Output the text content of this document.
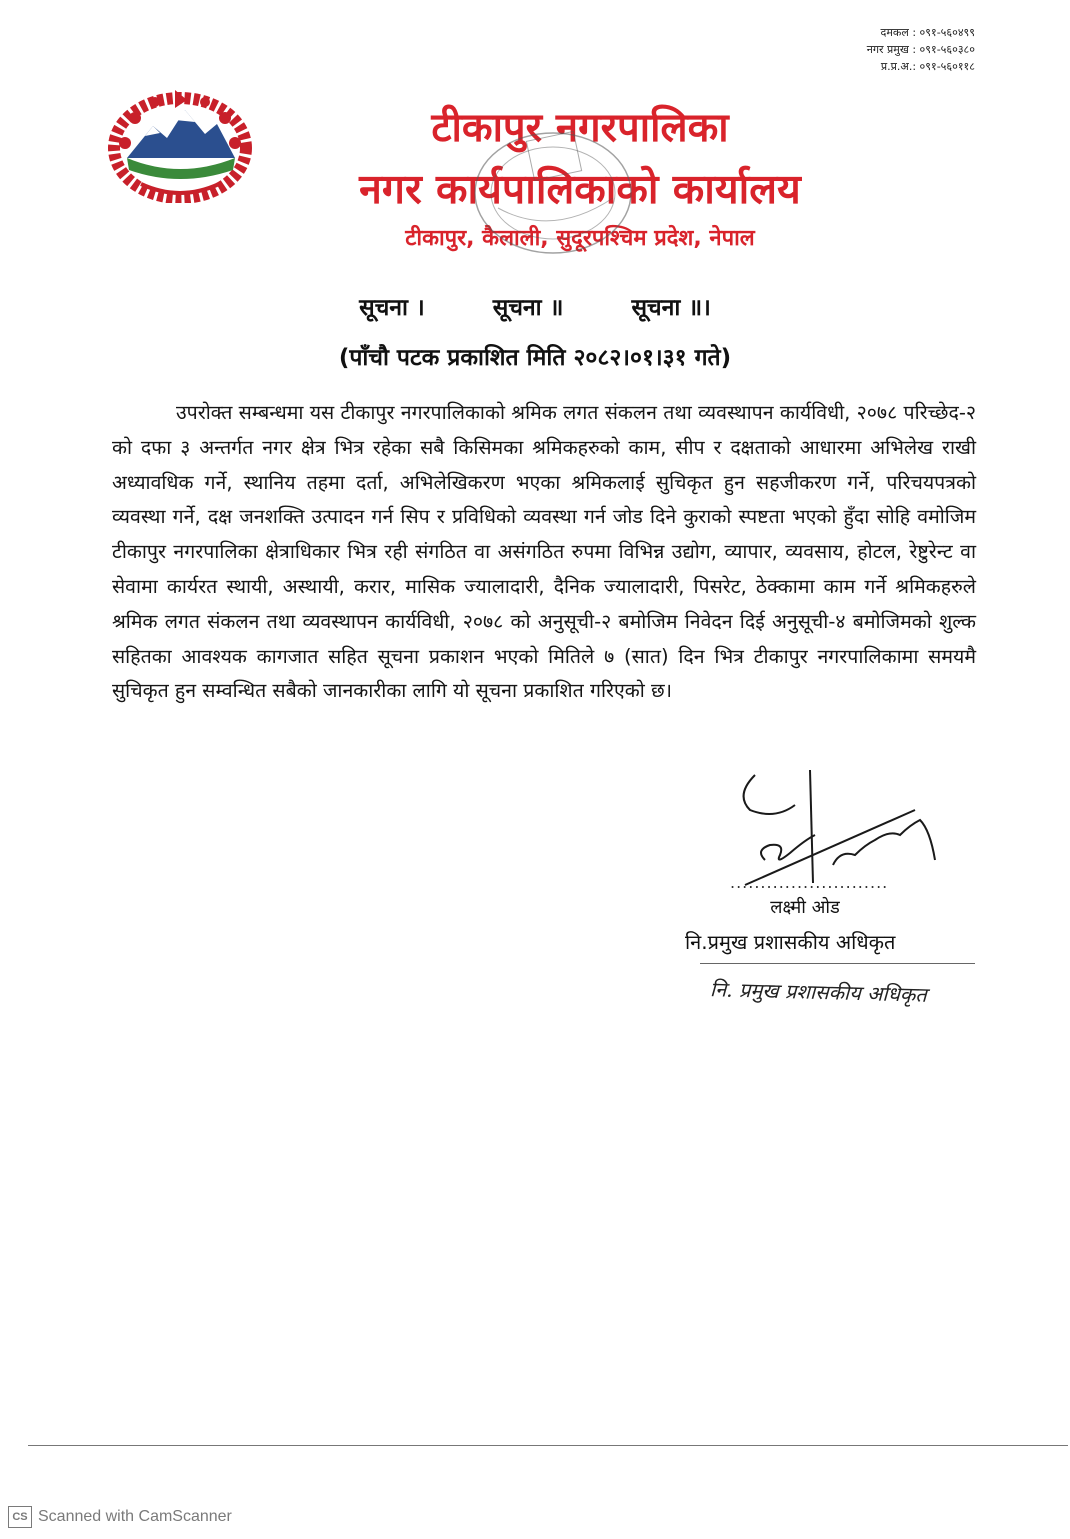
दमकल : ०९१-५६०४९९
नगर प्रमुख : ०९१-५६०३८०
प्र.प्र.अ.: ०९१-५६०११८
टीकापुर नगरपालिका
नगर कार्यपालिकाको कार्यालय
टीकापुर, कैलाली, सुदूरपश्चिम प्रदेश, नेपाल
सूचना ।	सूचना ॥	सूचना ॥।
(पाँचौ पटक प्रकाशित मिति २०८२।०१।३१ गते)
उपरोक्त सम्बन्धमा यस टीकापुर नगरपालिकाको श्रमिक लगत संकलन तथा व्यवस्थापन कार्यविधी, २०७८ परिच्छेद-२ को दफा ३ अन्तर्गत नगर क्षेत्र भित्र रहेका सबै किसिमका श्रमिकहरुको काम, सीप र दक्षताको आधारमा अभिलेख राखी अध्यावधिक गर्ने, स्थानिय तहमा दर्ता, अभिलेखिकरण भएका श्रमिकलाई सुचिकृत हुन सहजीकरण गर्ने, परिचयपत्रको व्यवस्था गर्ने, दक्ष जनशक्ति उत्पादन गर्न सिप र प्रविधिको व्यवस्था गर्न जोड दिने कुराको स्पष्टता भएको हुँदा सोहि वमोजिम टीकापुर नगरपालिका क्षेत्राधिकार भित्र रही संगठित वा असंगठित रुपमा विभिन्न उद्योग, व्यापार, व्यवसाय, होटल, रेष्टुरेन्ट वा सेवामा कार्यरत स्थायी, अस्थायी, करार, मासिक ज्यालादारी, दैनिक ज्यालादारी, पिसरेट, ठेक्कामा काम गर्ने श्रमिकहरुले श्रमिक लगत संकलन तथा व्यवस्थापन कार्यविधी, २०७८ को अनुसूची-२ बमोजिम निवेदन दिई अनुसूची-४ बमोजिमको शुल्क सहितका आवश्यक कागजात सहित सूचना प्रकाशन भएको मितिले ७ (सात) दिन भित्र टीकापुर नगरपालिकामा समयमै सुचिकृत हुन सम्वन्धित सबैको जानकारीका लागि यो सूचना प्रकाशित गरिएको छ।
..........................
लक्ष्मी ओड
नि.प्रमुख प्रशासकीय अधिकृत
नि. प्रमुख प्रशासकीय अधिकृत
CS Scanned with CamScanner
